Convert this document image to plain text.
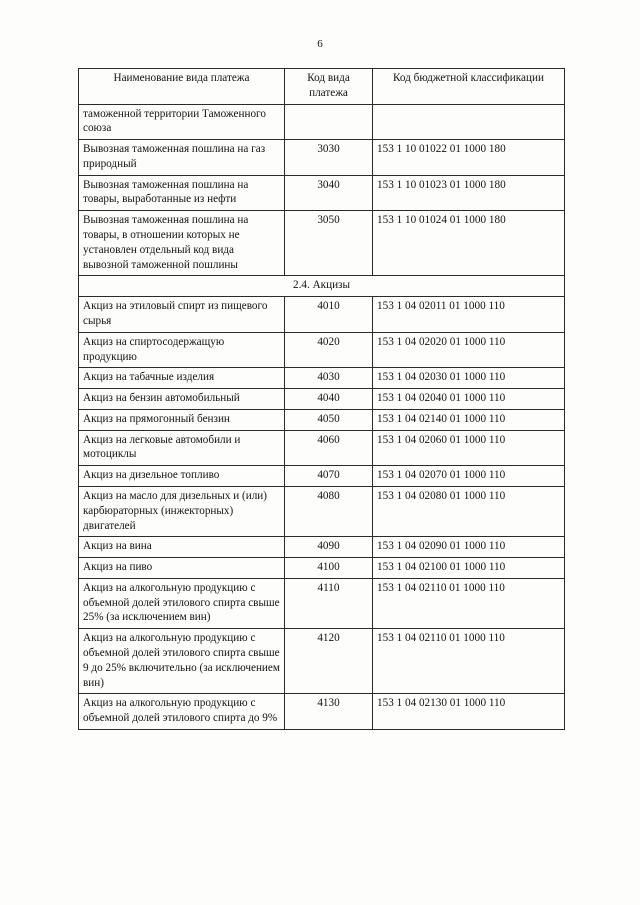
6
Наименование вида платежа	Код вида платежа	Код бюджетной классификации
таможенной территории Таможенного союза		
Вывозная таможенная пошлина на газ природный	3030	153 1 10 01022 01 1000 180
Вывозная таможенная пошлина на товары, выработанные из нефти	3040	153 1 10 01023 01 1000 180
Вывозная таможенная пошлина на товары, в отношении которых не установлен отдельный код вида вывозной таможенной пошлины	3050	153 1 10 01024 01 1000 180
2.4. Акцизы		
Акциз на этиловый спирт из пищевого сырья	4010	153 1 04 02011 01 1000 110
Акциз на спиртосодержащую продукцию	4020	153 1 04 02020 01 1000 110
Акциз на табачные изделия	4030	153 1 04 02030 01 1000 110
Акциз на бензин автомобильный	4040	153 1 04 02040 01 1000 110
Акциз на прямогонный бензин	4050	153 1 04 02140 01 1000 110
Акциз на легковые автомобили и мотоциклы	4060	153 1 04 02060 01 1000 110
Акциз на дизельное топливо	4070	153 1 04 02070 01 1000 110
Акциз на масло для дизельных и (или) карбюраторных (инжекторных) двигателей	4080	153 1 04 02080 01 1000 110
Акциз на вина	4090	153 1 04 02090 01 1000 110
Акциз на пиво	4100	153 1 04 02100 01 1000 110
Акциз на алкогольную продукцию с объемной долей этилового спирта свыше 25% (за исключением вин)	4110	153 1 04 02110 01 1000 110
Акциз на алкогольную продукцию с объемной долей этилового спирта свыше 9 до 25% включительно (за исключением вин)	4120	153 1 04 02110 01 1000 110
Акциз на алкогольную продукцию с объемной долей этилового спирта до 9%	4130	153 1 04 02130 01 1000 110
